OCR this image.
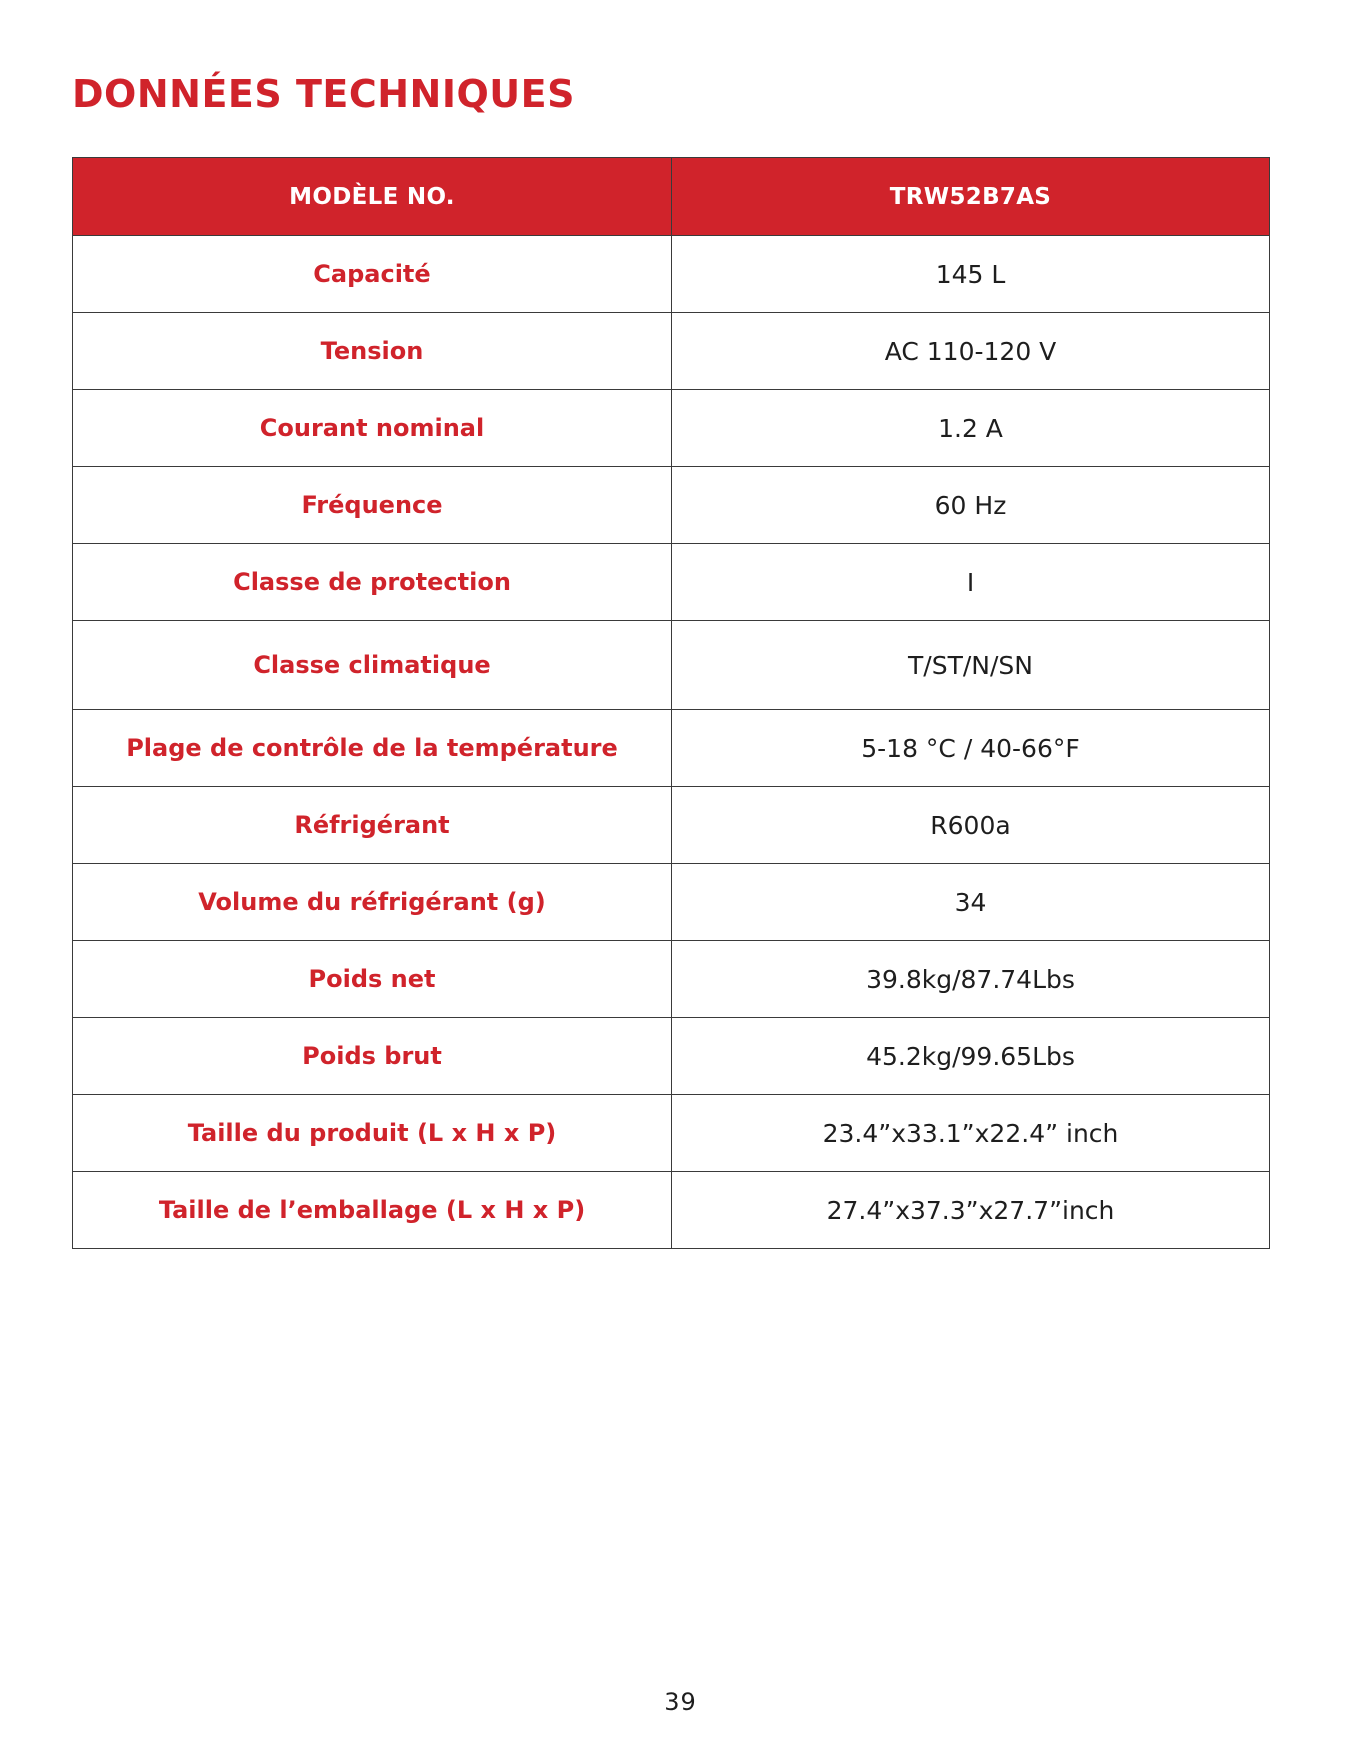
DONNÉES TECHNIQUES
MODÈLE NO.	TRW52B7AS
Capacité	145 L
Tension	AC 110-120 V
Courant nominal	1.2 A
Fréquence	60 Hz
Classe de protection	I
Classe climatique	T/ST/N/SN
Plage de contrôle de la température	5-18 °C / 40-66°F
Réfrigérant	R600a
Volume du réfrigérant (g)	34
Poids net	39.8kg/87.74Lbs
Poids brut	45.2kg/99.65Lbs
Taille du produit (L x H x P)	23.4”x33.1”x22.4” inch
Taille de l’emballage (L x H x P)	27.4”x37.3”x27.7”inch
39
